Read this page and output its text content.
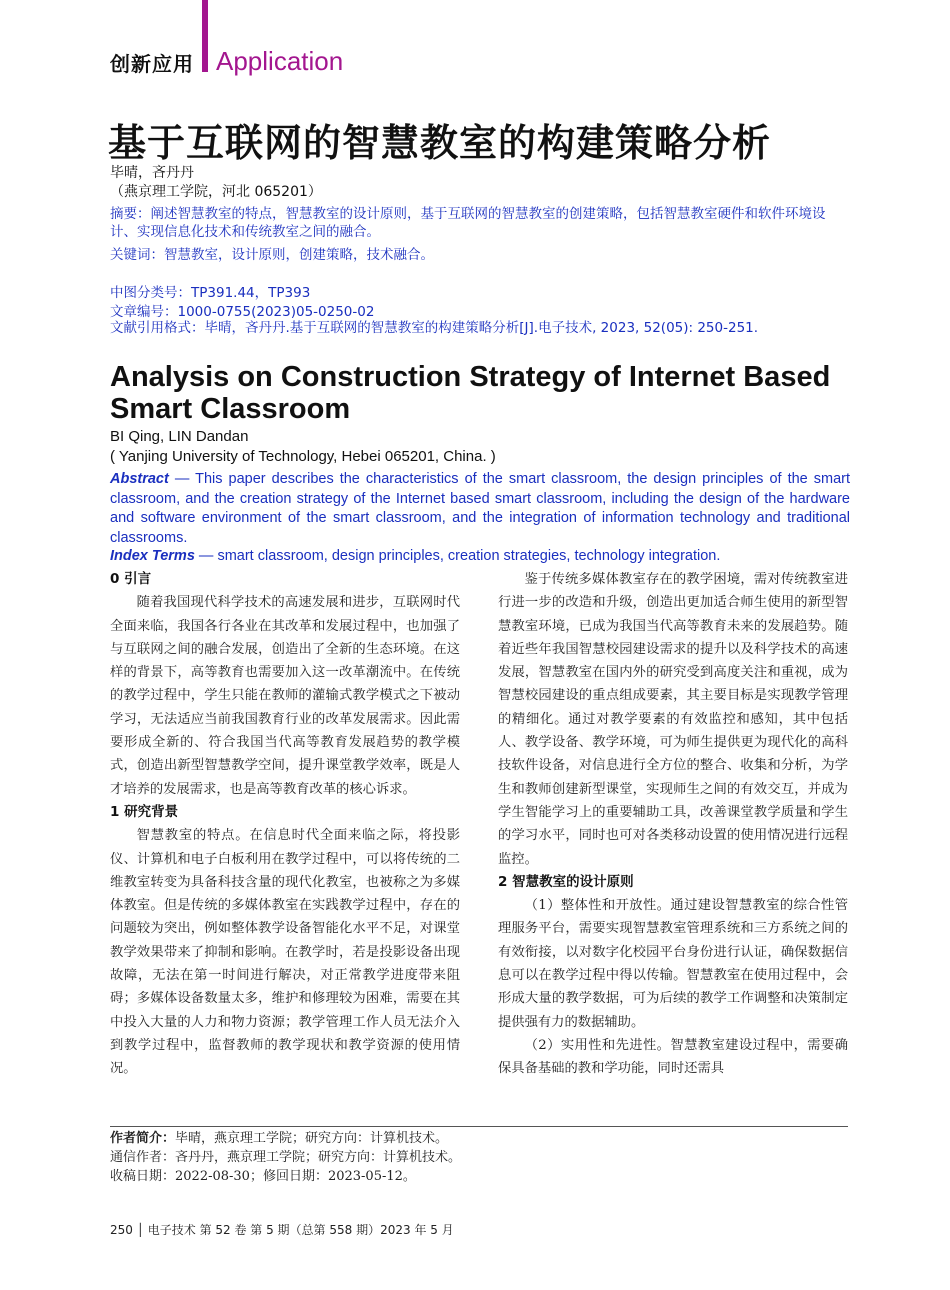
创新应用 Application
基于互联网的智慧教室的构建策略分析
毕晴，吝丹丹
（燕京理工学院，河北 065201）
摘要：阐述智慧教室的特点，智慧教室的设计原则，基于互联网的智慧教室的创建策略，包括智慧教室硬件和软件环境设计、实现信息化技术和传统教室之间的融合。
关键词：智慧教室，设计原则，创建策略，技术融合。
中图分类号：TP391.44，TP393
文章编号：1000-0755(2023)05-0250-02
文献引用格式：毕晴，吝丹丹.基于互联网的智慧教室的构建策略分析[J].电子技术, 2023, 52(05): 250-251.
Analysis on Construction Strategy of Internet Based Smart Classroom
BI Qing, LIN Dandan
( Yanjing University of Technology, Hebei 065201, China. )
Abstract — This paper describes the characteristics of the smart classroom, the design principles of the smart classroom, and the creation strategy of the Internet based smart classroom, including the design of the hardware and software environment of the smart classroom, and the integration of information technology and traditional classrooms.
Index Terms — smart classroom, design principles, creation strategies, technology integration.
0 引言

随着我国现代科学技术的高速发展和进步，互联网时代全面来临，我国各行各业在其改革和发展过程中，也加强了与互联网之间的融合发展，创造出了全新的生态环境。在这样的背景下，高等教育也需要加入这一改革潮流中。在传统的教学过程中，学生只能在教师的灌输式教学模式之下被动学习，无法适应当前我国教育行业的改革发展需求。因此需要形成全新的、符合我国当代高等教育发展趋势的教学模式，创造出新型智慧教学空间，提升课堂教学效率，既是人才培养的发展需求，也是高等教育改革的核心诉求。

1 研究背景

智慧教室的特点。在信息时代全面来临之际，将投影仪、计算机和电子白板利用在教学过程中，可以将传统的二维教室转变为具备科技含量的现代化教室，也被称之为多媒体教室。但是传统的多媒体教室在实践教学过程中，存在的问题较为突出，例如整体教学设备智能化水平不足，对课堂教学效果带来了抑制和影响。在教学时，若是投影设备出现故障，无法在第一时间进行解决，对正常教学进度带来阻碍；多媒体设备数量太多，维护和修理较为困难，需要在其中投入大量的人力和物力资源；教学管理工作人员无法介入到教学过程中，监督教师的教学现状和教学资源的使用情况。

鉴于传统多媒体教室存在的教学困境，需对传统教室进行进一步的改造和升级，创造出更加适合师生使用的新型智慧教室环境，已成为我国当代高等教育未来的发展趋势。随着近些年我国智慧校园建设需求的提升以及科学技术的高速发展，智慧教室在国内外的研究受到高度关注和重视，成为智慧校园建设的重点组成要素，其主要目标是实现教学管理的精细化。通过对教学要素的有效监控和感知，其中包括人、教学设备、教学环境，可为师生提供更为现代化的高科技软件设备，对信息进行全方位的整合、收集和分析，为学生和教师创建新型课堂，实现师生之间的有效交互，并成为学生智能学习上的重要辅助工具，改善课堂教学质量和学生的学习水平，同时也可对各类移动设置的使用情况进行远程监控。

2 智慧教室的设计原则

（1）整体性和开放性。通过建设智慧教室的综合性管理服务平台，需要实现智慧教室管理系统和三方系统之间的有效衔接，以对数字化校园平台身份进行认证，确保数据信息可以在教学过程中得以传输。智慧教室在使用过程中，会形成大量的教学数据，可为后续的教学工作调整和决策制定提供强有力的数据辅助。

（2）实用性和先进性。智慧教室建设过程中，需要确保具备基础的教和学功能，同时还需具

作者简介：毕晴，燕京理工学院；研究方向：计算机技术。
通信作者：吝丹丹，燕京理工学院；研究方向：计算机技术。
收稿日期：2022-08-30；修回日期：2023-05-12。
250 │ 电子技术 第 52 卷 第 5 期（总第 558 期）2023 年 5 月
